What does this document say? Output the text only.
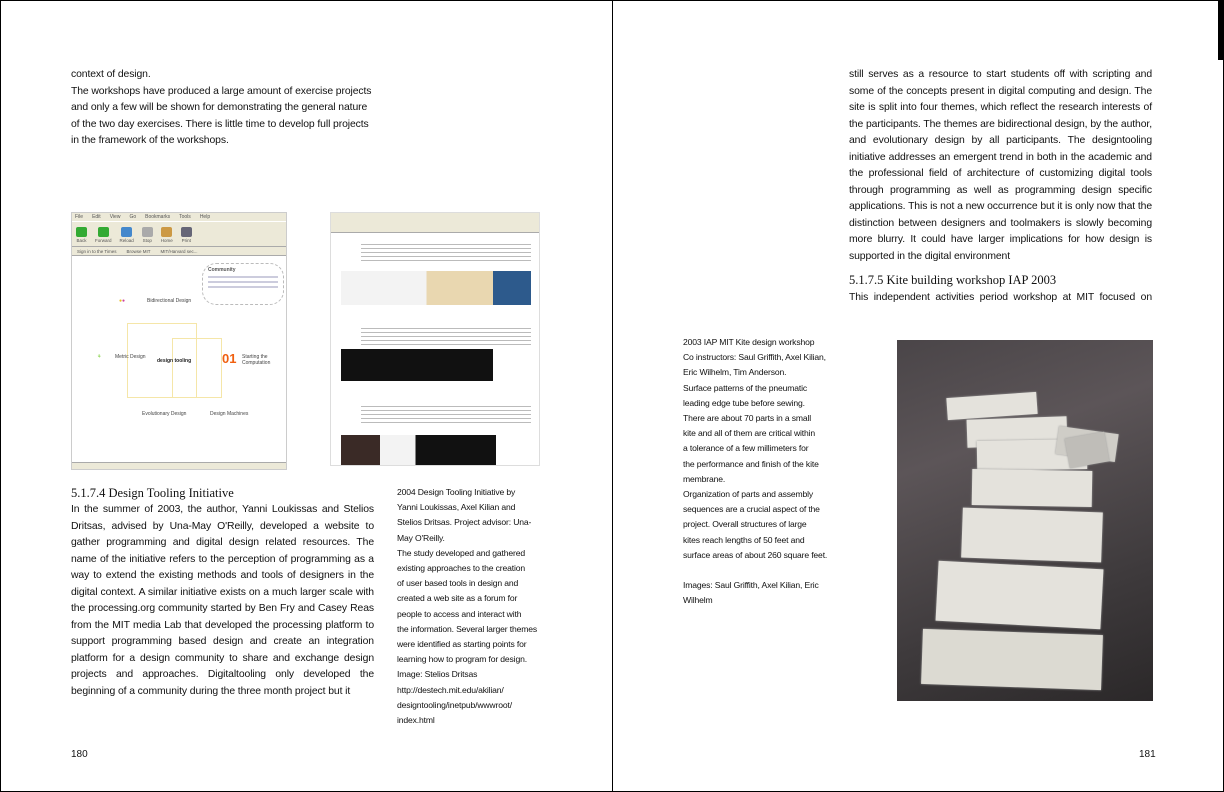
context of design.

The workshops have produced a large amount of exercise projects and only a few will be shown for demonstrating the general nature of the two day exercises. There is little time to develop full projects in the framework of the workshops.

File Edit View Go Bookmarks Tools Help
Back Forward Reload Stop Home Print
Sign in to the Times Browse MIT MIT/Harvard sec...
Community
●●	Bidirectional Design
⚘	Metric Design
design tooling 01 Starting the Computation
Evolutionary Design	Design Machines
5.1.7.4 Design Tooling Initiative
In the summer of 2003, the author, Yanni Loukissas and Stelios Dritsas, advised by Una-May O'Reilly, developed a website to gather programming and digital design related resources. The name of the initiative refers to the perception of programming as a way to extend the existing methods and tools of designers in the digital context. A similar initiative exists on a much larger scale with the processing.org community started by Ben Fry and Casey Reas from the MIT media Lab that developed the processing platform to support programming based design and create an integration platform for a design community to share and exchange design projects and approaches. Digitaltooling only developed the beginning of a community during the three month project but it
2004 Design Tooling Initiative by
Yanni Loukissas, Axel Kilian and
Stelios Dritsas. Project advisor: Una-
May O'Reilly.
The study developed and gathered
existing approaches to the creation
of user based tools in design and
created a web site as a forum for
people to access and interact with
the information. Several larger themes
were identified as starting points for
learning how to program for design.
Image: Stelios Dritsas
http://destech.mit.edu/akilian/
designtooling/inetpub/wwwroot/
index.html
180
still serves as a resource to start students off with scripting and some of the concepts present in digital computing and design. The site is split into four themes, which reflect the research interests of the participants. The themes are bidirectional design, by the author, and evolutionary design by all participants. The designtooling initiative addresses an emergent trend in both in the academic and the professional field of architecture of customizing digital tools through programming as well as programming design specific applications. This is not a new occurrence but it is only now that the distinction between designers and toolmakers is slowly becoming more blurry. It could have larger implications for how design is supported in the digital environment
5.1.7.5 Kite building workshop IAP 2003
This independent activities period workshop at MIT focused on
2003 IAP MIT Kite design workshop
Co instructors: Saul Griffith, Axel Kilian,
Eric Wilhelm, Tim Anderson.
Surface patterns of the pneumatic
leading edge tube before sewing.
There are about 70 parts in a small
kite and all of them are critical within
a tolerance of a few millimeters for
the performance and finish of the kite
membrane.
Organization of parts and assembly
sequences are a crucial aspect of the
project. Overall structures of large
kites reach lengths of 50 feet and
surface areas of about 260 square feet.
Images: Saul Griffith, Axel Kilian, Eric
Wilhelm
181
